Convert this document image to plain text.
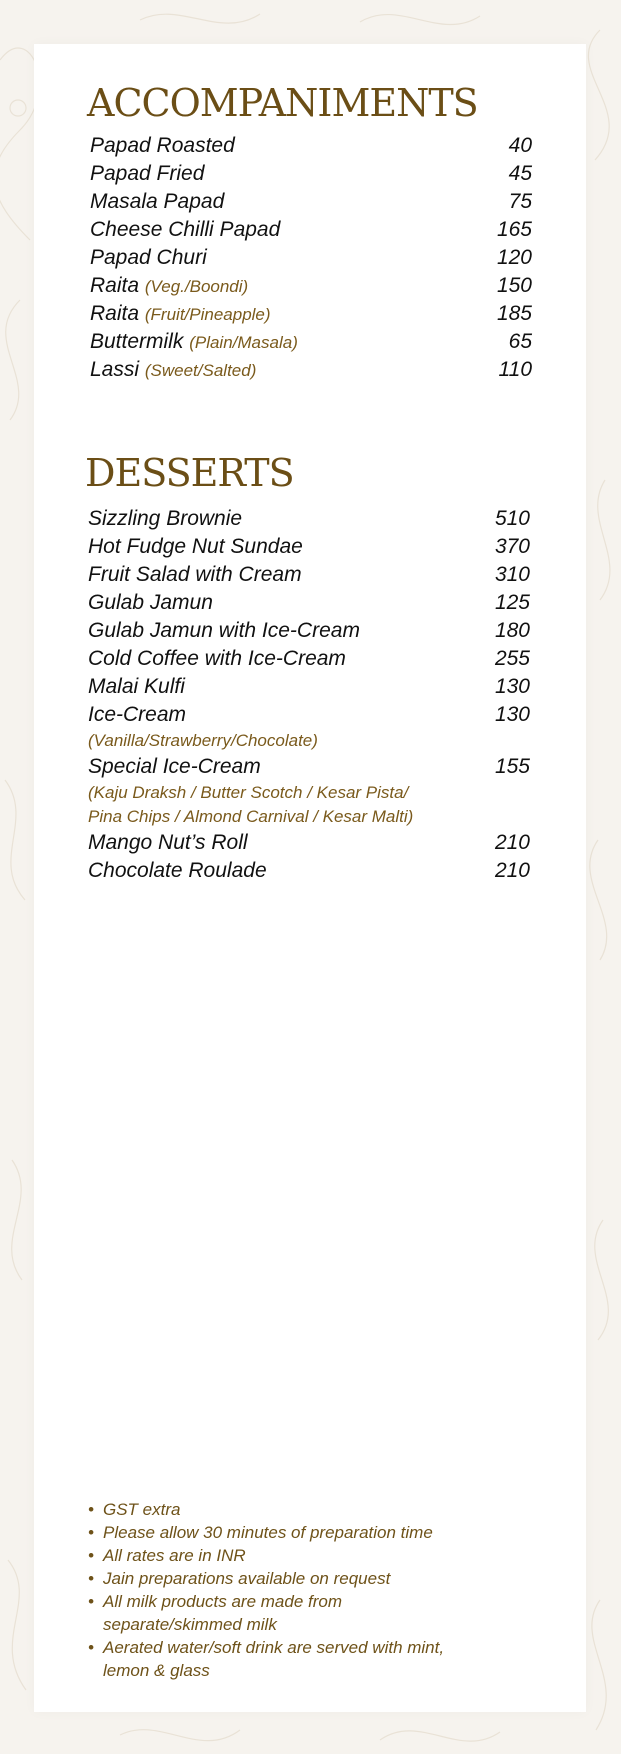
ACCOMPANIMENTS
Papad Roasted	40
Papad Fried	45
Masala Papad	75
Cheese Chilli Papad	165
Papad Churi	120
Raita (Veg./Boondi)	150
Raita (Fruit/Pineapple)	185
Buttermilk (Plain/Masala)	65
Lassi (Sweet/Salted)	110
DESSERTS
Sizzling Brownie	510
Hot Fudge Nut Sundae	370
Fruit Salad with Cream	310
Gulab Jamun	125
Gulab Jamun with Ice-Cream	180
Cold Coffee with Ice-Cream	255
Malai Kulfi	130
Ice-Cream	130
(Vanilla/Strawberry/Chocolate)
Special Ice-Cream	155
(Kaju Draksh / Butter Scotch / Kesar Pista/
Pina Chips / Almond Carnival / Kesar Malti)
Mango Nut’s Roll	210
Chocolate Roulade	210
• GST extra
• Please allow 30 minutes of preparation time
• All rates are in INR
• Jain preparations available on request
• All milk products are made from
separate/skimmed milk
• Aerated water/soft drink are served with mint,
lemon & glass
